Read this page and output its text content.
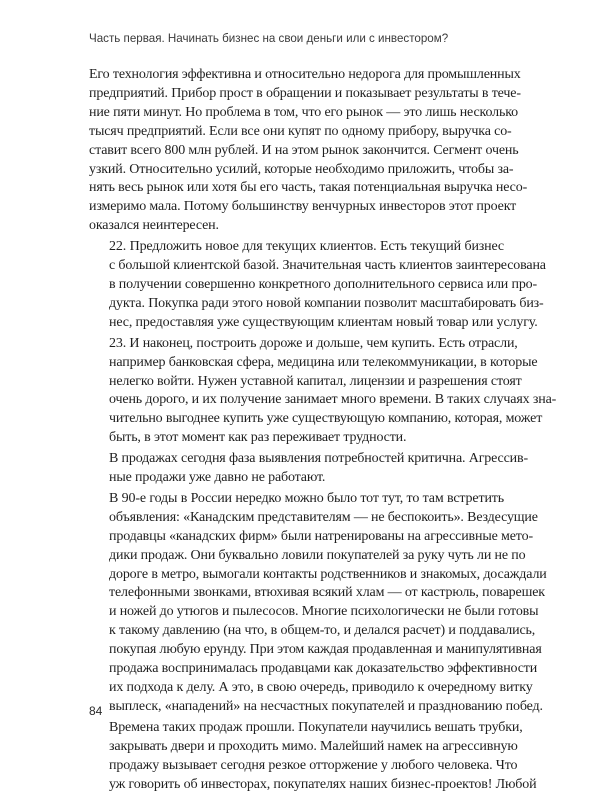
Часть первая. Начинать бизнес на свои деньги или с инвестором?

Его технология эффективна и относительно недорога для промышленных
предприятий. Прибор прост в обращении и показывает результаты в тече-
ние пяти минут. Но проблема в том, что его рынок — это лишь несколько
тысяч предприятий. Если все они купят по одному прибору, выручка со-
ставит всего 800 млн рублей. И на этом рынок закончится. Сегмент очень
узкий. Относительно усилий, которые необходимо приложить, чтобы за-
нять весь рынок или хотя бы его часть, такая потенциальная выручка несо-
измеримо мала. Потому большинству венчурных инвесторов этот проект
оказался неинтересен.

22. Предложить новое для текущих клиентов. Есть текущий бизнес
с большой клиентской базой. Значительная часть клиентов заинтересована
в получении совершенно конкретного дополнительного сервиса или про-
дукта. Покупка ради этого новой компании позволит масштабировать биз-
нес, предоставляя уже существующим клиентам новый товар или услугу.

23. И наконец, построить дороже и дольше, чем купить. Есть отрасли,
например банковская сфера, медицина или телекоммуникации, в которые
нелегко войти. Нужен уставной капитал, лицензии и разрешения стоят
очень дорого, и их получение занимает много времени. В таких случаях зна-
чительно выгоднее купить уже существующую компанию, которая, может
быть, в этот момент как раз переживает трудности.

В продажах сегодня фаза выявления потребностей критична. Агрессив-
ные продажи уже давно не работают.

В 90-е годы в России нередко можно было тот тут, то там встретить
объявления: «Канадским представителям — не беспокоить». Вездесущие
продавцы «канадских фирм» были натренированы на агрессивные мето-
дики продаж. Они буквально ловили покупателей за руку чуть ли не по
дороге в метро, вымогали контакты родственников и знакомых, досаждали
телефонными звонками, втюхивая всякий хлам — от кастрюль, поварешек
и ножей до утюгов и пылесосов. Многие психологически не были готовы
к такому давлению (на что, в общем-то, и делался расчет) и поддавались,
покупая любую ерунду. При этом каждая продавленная и манипулятивная
продажа воспринималась продавцами как доказательство эффективности
их подхода к делу. А это, в свою очередь, приводило к очередному витку
выплеск, «нападений» на несчастных покупателей и празднованию побед.

Времена таких продаж прошли. Покупатели научились вешать трубки,
закрывать двери и проходить мимо. Малейший намек на агрессивную
продажу вызывает сегодня резкое отторжение у любого человека. Что
уж говорить об инвесторах, покупателях наших бизнес-проектов! Любой

84
